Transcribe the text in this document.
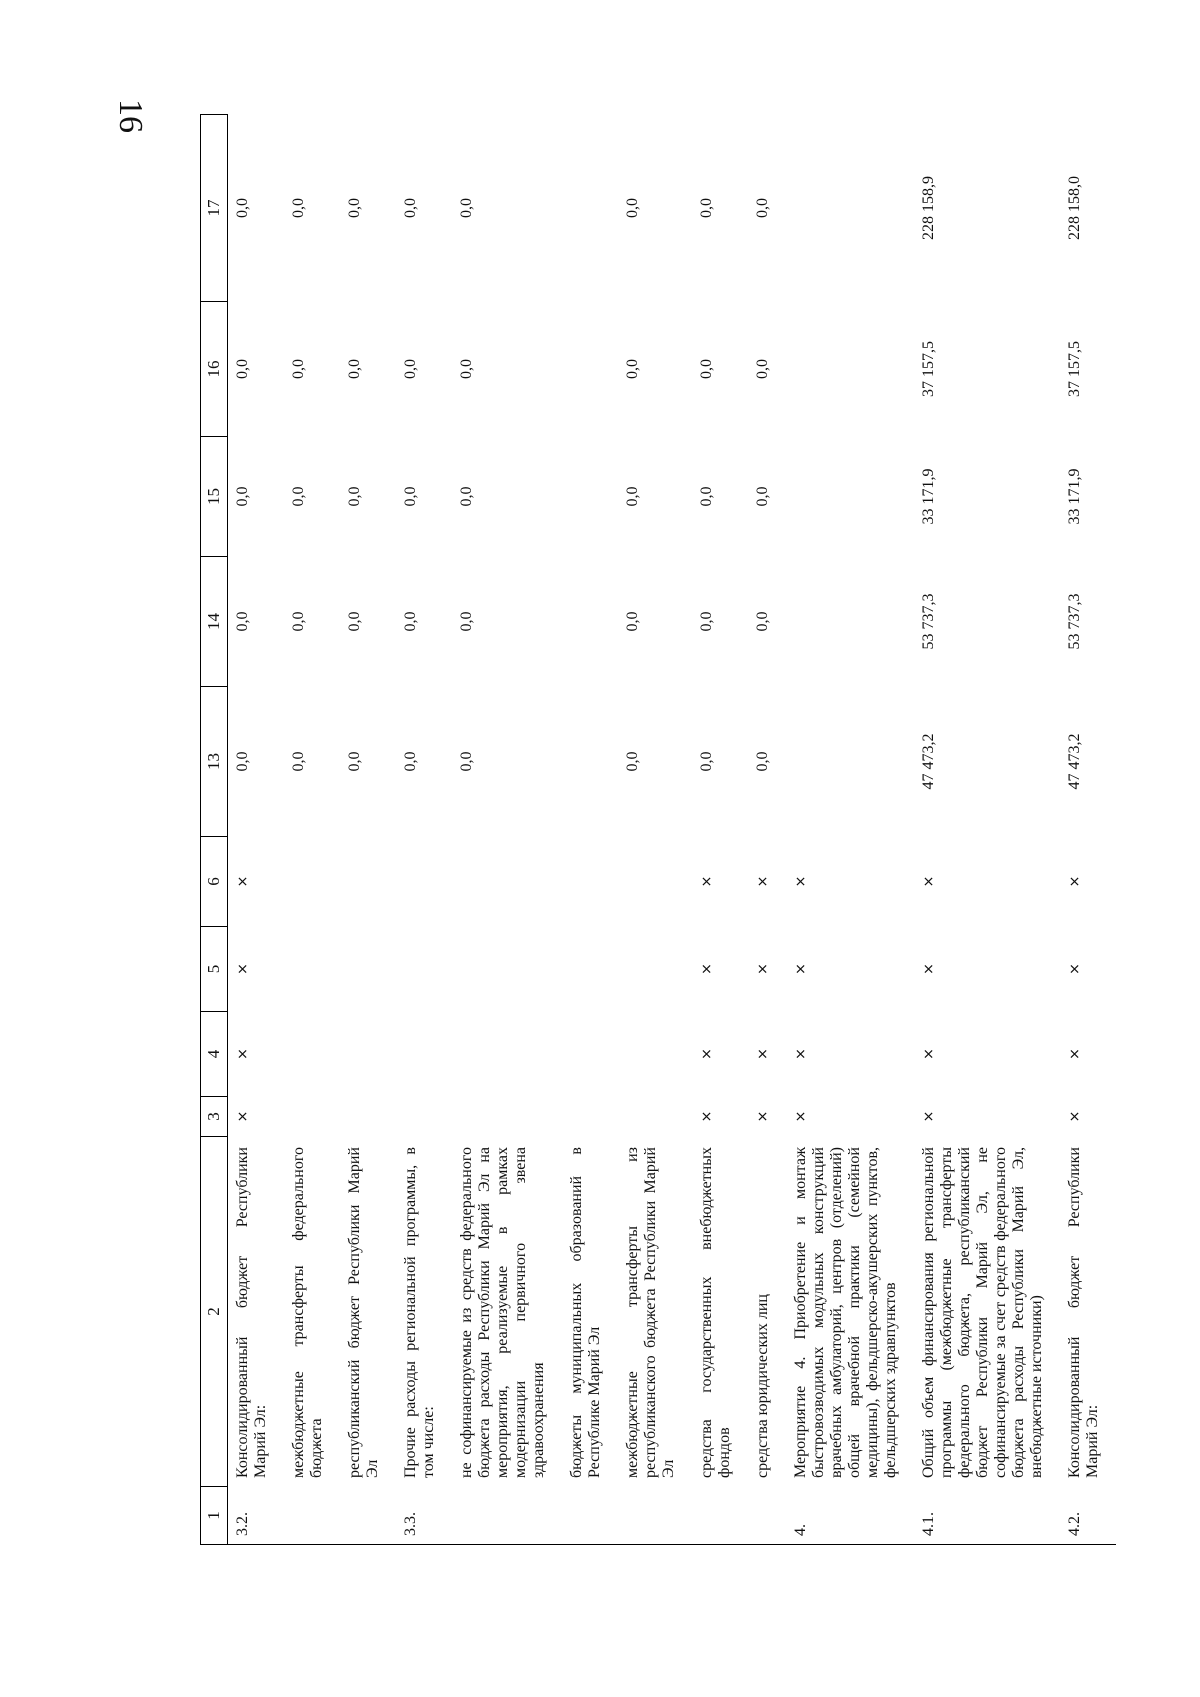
16
1	2	3	4	5	6	13	14	15	16	17
3.2.	Консолидированный бюджет Республики Марий Эл:	×	×	×	×	0,0	0,0	0,0	0,0	0,0
	межбюджетные трансферты федерального бюджета					0,0	0,0	0,0	0,0	0,0
	республиканский бюджет Республики Марий Эл					0,0	0,0	0,0	0,0	0,0
3.3.	Прочие расходы региональной программы, в том числе:					0,0	0,0	0,0	0,0	0,0
	не софинансируемые из средств федерального бюджета расходы Республики Марий Эл на мероприятия, реализуемые в рамках модернизации первичного звена здравоохранения					0,0	0,0	0,0	0,0	0,0
	бюджеты муниципальных образований в Республике Марий Эл									
	межбюджетные трансферты из республиканского бюджета Республики Марий Эл					0,0	0,0	0,0	0,0	0,0
	средства государственных внебюджетных фондов	×	×	×	×	0,0	0,0	0,0	0,0	0,0
	средства юридических лиц	×	×	×	×	0,0	0,0	0,0	0,0	0,0
4.	Мероприятие 4. Приобретение и монтаж быстровозводимых модульных конструкций врачебных амбулаторий, центров (отделений) общей врачебной практики (семейной медицины), фельдшерско-акушерских пунктов, фельдшерских здравпунктов	×	×	×	×					
4.1.	Общий объем финансирования региональной программы (межбюджетные трансферты федерального бюджета, республиканский бюджет Республики Марий Эл, не софинансируемые за счет средств федерального бюджета расходы Республики Марий Эл, внебюджетные источники)	×	×	×	×	47 473,2	53 737,3	33 171,9	37 157,5	228 158,9
4.2.	Консолидированный бюджет Республики Марий Эл:	×	×	×	×	47 473,2	53 737,3	33 171,9	37 157,5	228 158,0
